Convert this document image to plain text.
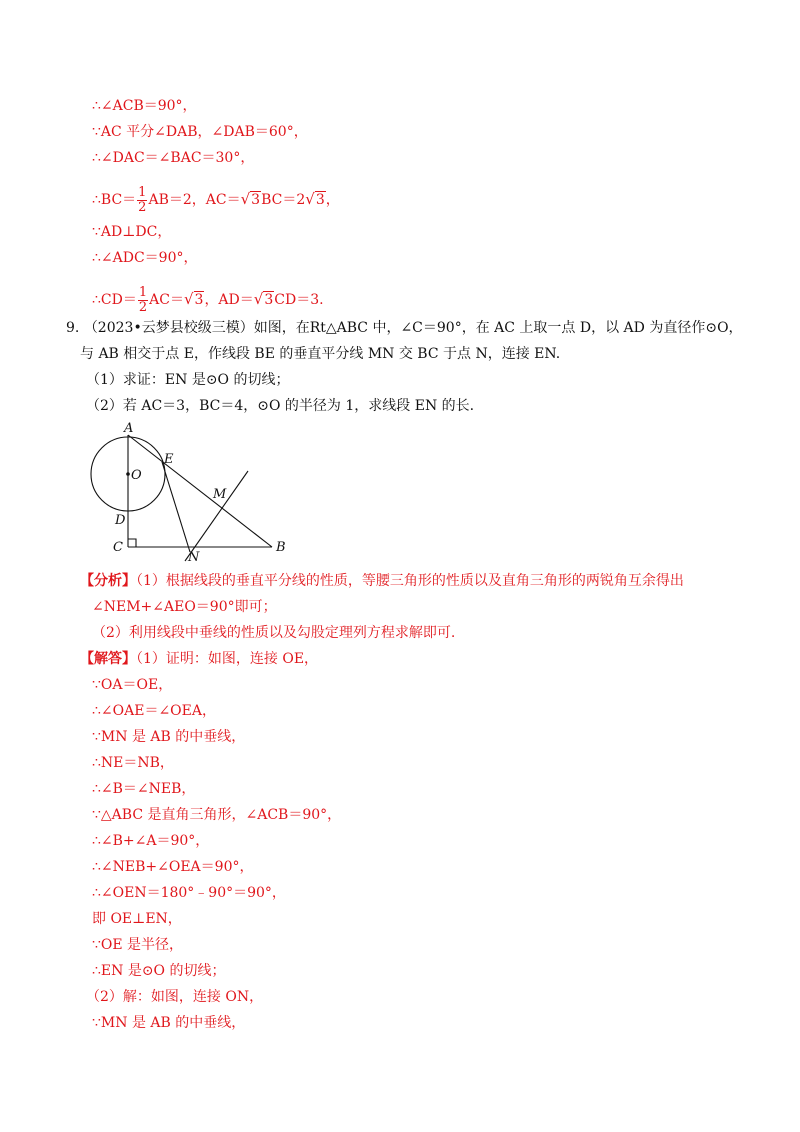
∴∠ACB＝90°，
∵AC 平分∠DAB，∠DAB＝60°，
∴∠DAC＝∠BAC＝30°，
∴BC＝ $\frac{1}{2} AB=2$，AC＝√3BC＝2√3，
∵AD⊥DC，
∴∠ADC＝90°，
∴CD＝ $\frac{1}{2} AC=√3$，AD＝√3CD＝3.
9. （2023•云梦县校级三模）如图，在Rt△ABC 中，∠C＝90°，在 AC 上取一点 D，以 AD 为直径作⊙O，
与 AB 相交于点 E，作线段 BE 的垂直平分线 MN 交 BC 于点 N，连接 EN.
（1）求证：EN 是⊙O 的切线；
（2）若 AC＝3，BC＝4，⊙O 的半径为 1，求线段 EN 的长.
A
E
O
M
D
C
N
B
【分析】（1）根据线段的垂直平分线的性质，等腰三角形的性质以及直角三角形的两锐角互余得出
∠NEM+∠AEO＝90°即可；
（2）利用线段中垂线的性质以及勾股定理列方程求解即可.
【解答】（1）证明：如图，连接 OE，
∵OA＝OE，
∴∠OAE＝∠OEA，
∵MN 是 AB 的中垂线，
∴NE＝NB，
∴∠B＝∠NEB，
∵△ABC 是直角三角形，∠ACB＝90°，
∴∠B+∠A＝90°，
∴∠NEB+∠OEA＝90°，
∴∠OEN＝180°﹣90°＝90°，
即 OE⊥EN，
∵OE 是半径，
∴EN 是⊙O 的切线；
（2）解：如图，连接 ON，
∵MN 是 AB 的中垂线，
